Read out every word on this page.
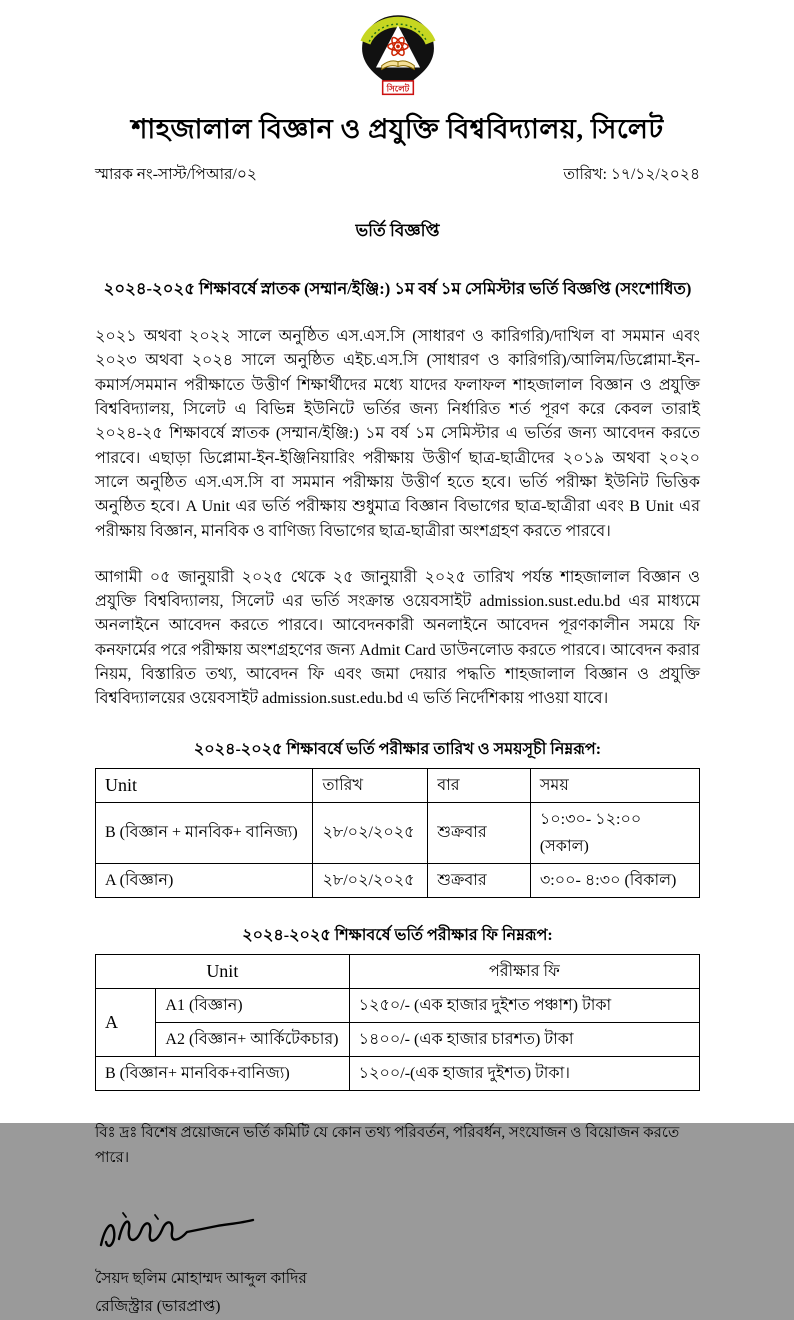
সিলেট
শাহজালাল বিজ্ঞান ও প্রযুক্তি বিশ্ববিদ্যালয়, সিলেট
স্মারক নং-সাস্ট/পিআর/০২	তারিখ: ১৭/১২/২০২৪
ভর্তি বিজ্ঞপ্তি
২০২৪-২০২৫ শিক্ষাবর্ষে স্নাতক (সম্মান/ইঞ্জি:) ১ম বর্ষ ১ম সেমিস্টার ভর্তি বিজ্ঞপ্তি (সংশোধিত)

২০২১ অথবা ২০২২ সালে অনুষ্ঠিত এস.এস.সি (সাধারণ ও কারিগরি)/দাখিল বা সমমান এবং ২০২৩ অথবা ২০২৪ সালে অনুষ্ঠিত এইচ.এস.সি (সাধারণ ও কারিগরি)/আলিম/ডিপ্লোমা-ইন-কমার্স/সমমান পরীক্ষাতে উত্তীর্ণ শিক্ষার্থীদের মধ্যে যাদের ফলাফল শাহজালাল বিজ্ঞান ও প্রযুক্তি বিশ্ববিদ্যালয়, সিলেট এ বিভিন্ন ইউনিটে ভর্তির জন্য নির্ধারিত শর্ত পূরণ করে কেবল তারাই ২০২৪-২৫ শিক্ষাবর্ষে স্নাতক (সম্মান/ইঞ্জি:) ১ম বর্ষ ১ম সেমিস্টার এ ভর্তির জন্য আবেদন করতে পারবে। এছাড়া ডিপ্লোমা-ইন-ইঞ্জিনিয়ারিং পরীক্ষায় উত্তীর্ণ ছাত্র-ছাত্রীদের ২০১৯ অথবা ২০২০ সালে অনুষ্ঠিত এস.এস.সি বা সমমান পরীক্ষায় উত্তীর্ণ হতে হবে। ভর্তি পরীক্ষা ইউনিট ভিত্তিক অনুষ্ঠিত হবে। A Unit এর ভর্তি পরীক্ষায় শুধুমাত্র বিজ্ঞান বিভাগের ছাত্র-ছাত্রীরা এবং B Unit এর পরীক্ষায় বিজ্ঞান, মানবিক ও বাণিজ্য বিভাগের ছাত্র-ছাত্রীরা অংশগ্রহণ করতে পারবে।

আগামী ০৫ জানুয়ারী ২০২৫ থেকে ২৫ জানুয়ারী ২০২৫ তারিখ পর্যন্ত শাহজালাল বিজ্ঞান ও প্রযুক্তি বিশ্ববিদ্যালয়, সিলেট এর ভর্তি সংক্রান্ত ওয়েবসাইট admission.sust.edu.bd এর মাধ্যমে অনলাইনে আবেদন করতে পারবে। আবেদনকারী অনলাইনে আবেদন পূরণকালীন সময়ে ফি কনফার্মের পরে পরীক্ষায় অংশগ্রহণের জন্য Admit Card ডাউনলোড করতে পারবে। আবেদন করার নিয়ম, বিস্তারিত তথ্য, আবেদন ফি এবং জমা দেয়ার পদ্ধতি শাহজালাল বিজ্ঞান ও প্রযুক্তি বিশ্ববিদ্যালয়ের ওয়েবসাইট admission.sust.edu.bd এ ভর্তি নির্দেশিকায় পাওয়া যাবে।

২০২৪-২০২৫ শিক্ষাবর্ষে ভর্তি পরীক্ষার তারিখ ও সময়সূচী নিম্নরূপ:
Unit	তারিখ	বার	সময়
B (বিজ্ঞান + মানবিক+ বানিজ্য)	২৮/০২/২০২৫	শুক্রবার	১০:৩০- ১২:০০ (সকাল)
A (বিজ্ঞান)	২৮/০২/২০২৫	শুক্রবার	৩:০০- ৪:৩০ (বিকাল)
২০২৪-২০২৫ শিক্ষাবর্ষে ভর্তি পরীক্ষার ফি নিম্নরূপ:
Unit		পরীক্ষার ফি
A	A1 (বিজ্ঞান)	১২৫০/- (এক হাজার দুইশত পঞ্চাশ) টাকা
	A2 (বিজ্ঞান+ আর্কিটেকচার)	১৪০০/- (এক হাজার চারশত) টাকা
B (বিজ্ঞান+ মানবিক+বানিজ্য)		১২০০/-(এক হাজার দুইশত) টাকা।
বিঃ দ্রঃ বিশেষ প্রয়োজনে ভর্তি কমিটি যে কোন তথ্য পরিবর্তন, পরিবর্ধন, সংযোজন ও বিয়োজন করতে পারে।
সৈয়দ ছলিম মোহাম্মদ আব্দুল কাদির
রেজিস্ট্রার (ভারপ্রাপ্ত)
